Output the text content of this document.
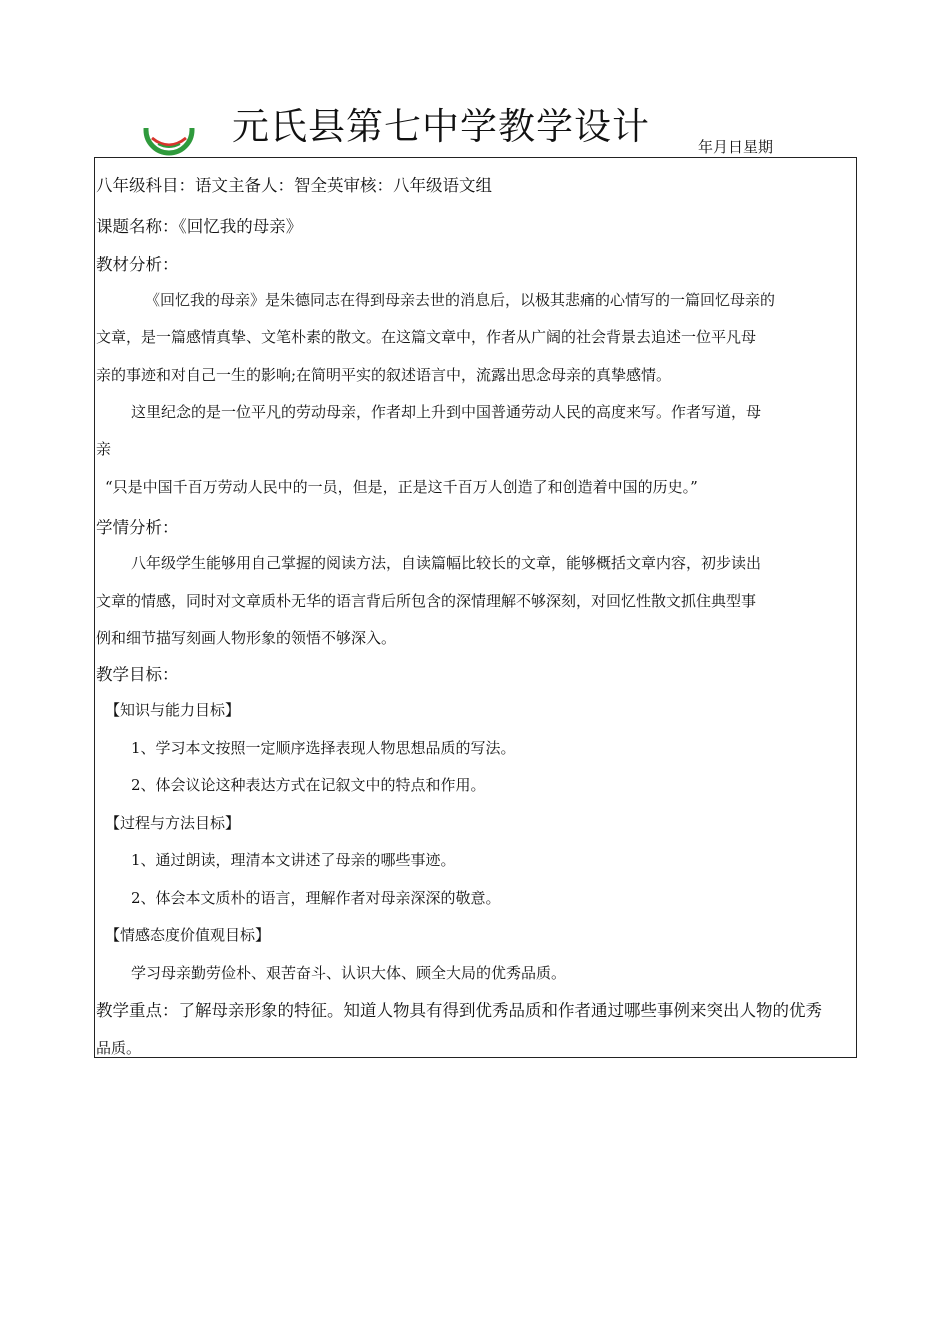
元氏县第七中学教学设计	年月日星期
八年级科目：语文主备人：智全英审核：八年级语文组
课题名称：《回忆我的母亲》
教材分析：
《回忆我的母亲》是朱德同志在得到母亲去世的消息后，以极其悲痛的心情写的一篇回忆母亲的
文章，是一篇感情真挚、文笔朴素的散文。在这篇文章中，作者从广阔的社会背景去追述一位平凡母
亲的事迹和对自己一生的影响;在简明平实的叙述语言中，流露出思念母亲的真挚感情。
这里纪念的是一位平凡的劳动母亲，作者却上升到中国普通劳动人民的高度来写。作者写道，母
亲
“只是中国千百万劳动人民中的一员，但是，正是这千百万人创造了和创造着中国的历史。”
学情分析：
八年级学生能够用自己掌握的阅读方法，自读篇幅比较长的文章，能够概括文章内容，初步读出
文章的情感，同时对文章质朴无华的语言背后所包含的深情理解不够深刻，对回忆性散文抓住典型事
例和细节描写刻画人物形象的领悟不够深入。
教学目标：
【知识与能力目标】
1、学习本文按照一定顺序选择表现人物思想品质的写法。
2、体会议论这种表达方式在记叙文中的特点和作用。
【过程与方法目标】
1、通过朗读，理清本文讲述了母亲的哪些事迹。
2、体会本文质朴的语言，理解作者对母亲深深的敬意。
【情感态度价值观目标】
学习母亲勤劳俭朴、艰苦奋斗、认识大体、顾全大局的优秀品质。
教学重点：了解母亲形象的特征。知道人物具有得到优秀品质和作者通过哪些事例来突出人物的优秀
品质。
